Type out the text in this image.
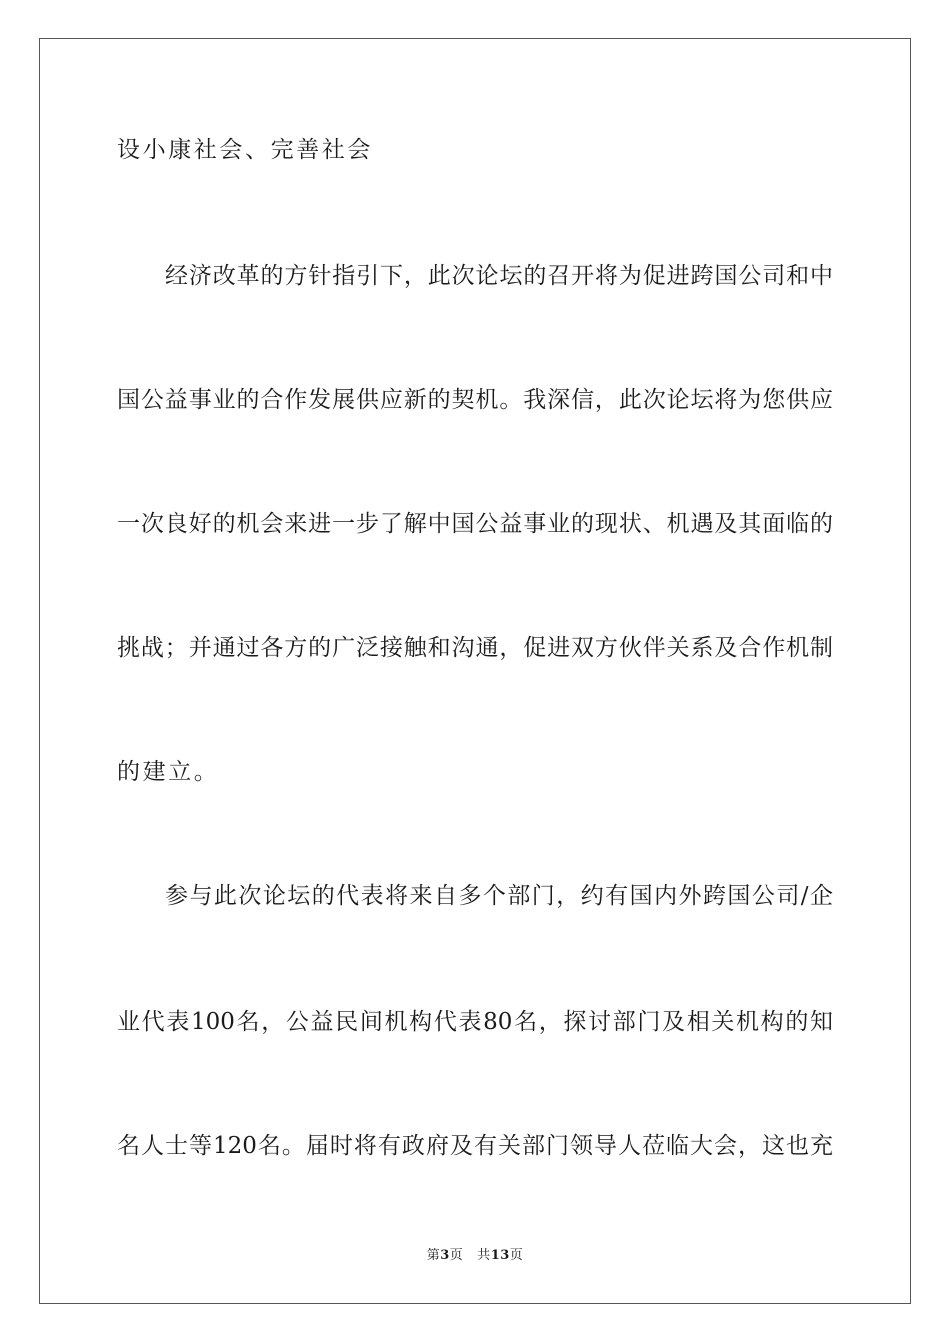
设小康社会、完善社会
经济改革的方针指引下，此次论坛的召开将为促进跨国公司和中
国公益事业的合作发展供应新的契机。我深信，此次论坛将为您供应
一次良好的机会来进一步了解中国公益事业的现状、机遇及其面临的
挑战；并通过各方的广泛接触和沟通，促进双方伙伴关系及合作机制
的建立。
参与此次论坛的代表将来自多个部门，约有国内外跨国公司/企
业代表100名，公益民间机构代表80名，探讨部门及相关机构的知
名人士等120名。届时将有政府及有关部门领导人莅临大会，这也充
第3页 共13页
